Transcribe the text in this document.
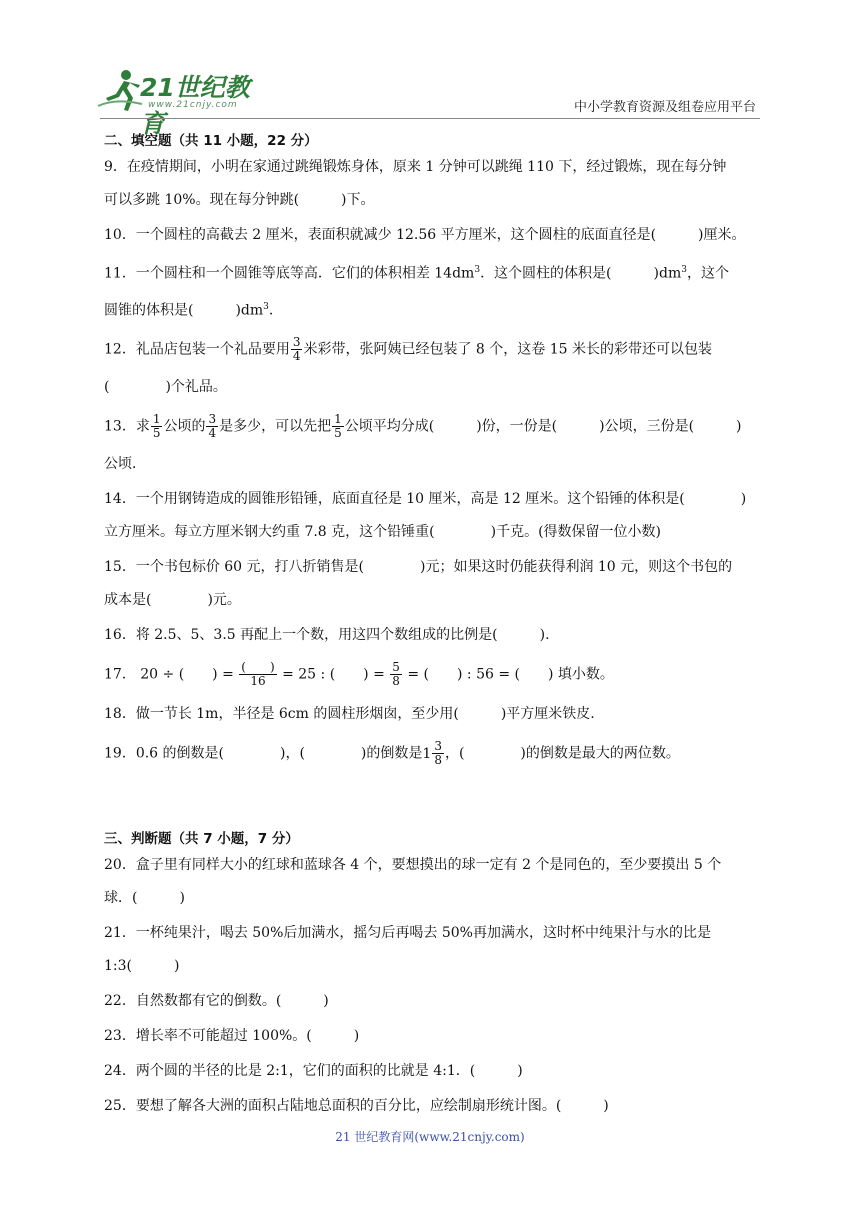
21世纪教育
www.21cnjy.com	中小学教育资源及组卷应用平台
二、填空题（共 11 小题，22 分）
9．在疫情期间，小明在家通过跳绳锻炼身体，原来 1 分钟可以跳绳 110 下，经过锻炼，现在每分钟
可以多跳 10%。现在每分钟跳(　　　)下。
10．一个圆柱的高截去 2 厘米，表面积就减少 12.56 平方厘米，这个圆柱的底面直径是(　　　)厘米。
11．一个圆柱和一个圆锥等底等高．它们的体积相差 $14dm^3$．这个圆柱的体积是(　　　)$dm^3$，这个
圆锥的体积是(　　　)$dm^3$.
12．礼品店包装一个礼品要用 $\frac{3}{4}$ 米彩带，张阿姨已经包装了 8 个，这卷 15 米长的彩带还可以包装
(　　　　)个礼品。
13．求 $\frac{1}{5}$ 公顷的 $\frac{3}{4}$ 是多少，可以先把 $\frac{1}{5}$ 公顷平均分成(　　　)份，一份是(　　　)公顷，三份是(　　　)
公顷．
14．一个用钢铸造成的圆锥形铅锤，底面直径是 10 厘米，高是 12 厘米。这个铅锤的体积是(　　　　)
立方厘米。每立方厘米钢大约重 7.8 克，这个铅锤重(　　　　)千克。(得数保留一位小数)
15．一个书包标价 60 元，打八折销售是(　　　　)元；如果这时仍能获得利润 10 元，则这个书包的
成本是(　　　　)元。
16．将 2.5、5、3.5 再配上一个数，用这四个数组成的比例是(　　　).
17． 20 ÷ (　　) = $\frac{( )}{16} = 25$ : (　　) = $\frac{5}{8}$ = (　　) : 56 = (　　) 填小数。
18．做一节长 1m，半径是 6cm 的圆柱形烟囱，至少用(　　　)平方厘米铁皮.
19．0.6 的倒数是(　　　　)，(　　　　)的倒数是 $1 \frac{3}{8}$ ，(　　　　)的倒数是最大的两位数。
三、判断题（共 7 小题，7 分）
20．盒子里有同样大小的红球和蓝球各 4 个，要想摸出的球一定有 2 个是同色的，至少要摸出 5 个
球．(　　　)
21．一杯纯果汁，喝去 50%后加满水，摇匀后再喝去 50%再加满水，这时杯中纯果汁与水的比是
1:3(　　　)
22．自然数都有它的倒数。(　　　)
23．增长率不可能超过 100%。(　　　)
24．两个圆的半径的比是 2:1，它们的面积的比就是 4:1．(　　　)
25．要想了解各大洲的面积占陆地总面积的百分比，应绘制扇形统计图。(　　　)
21 世纪教育网(www.21cnjy.com)
